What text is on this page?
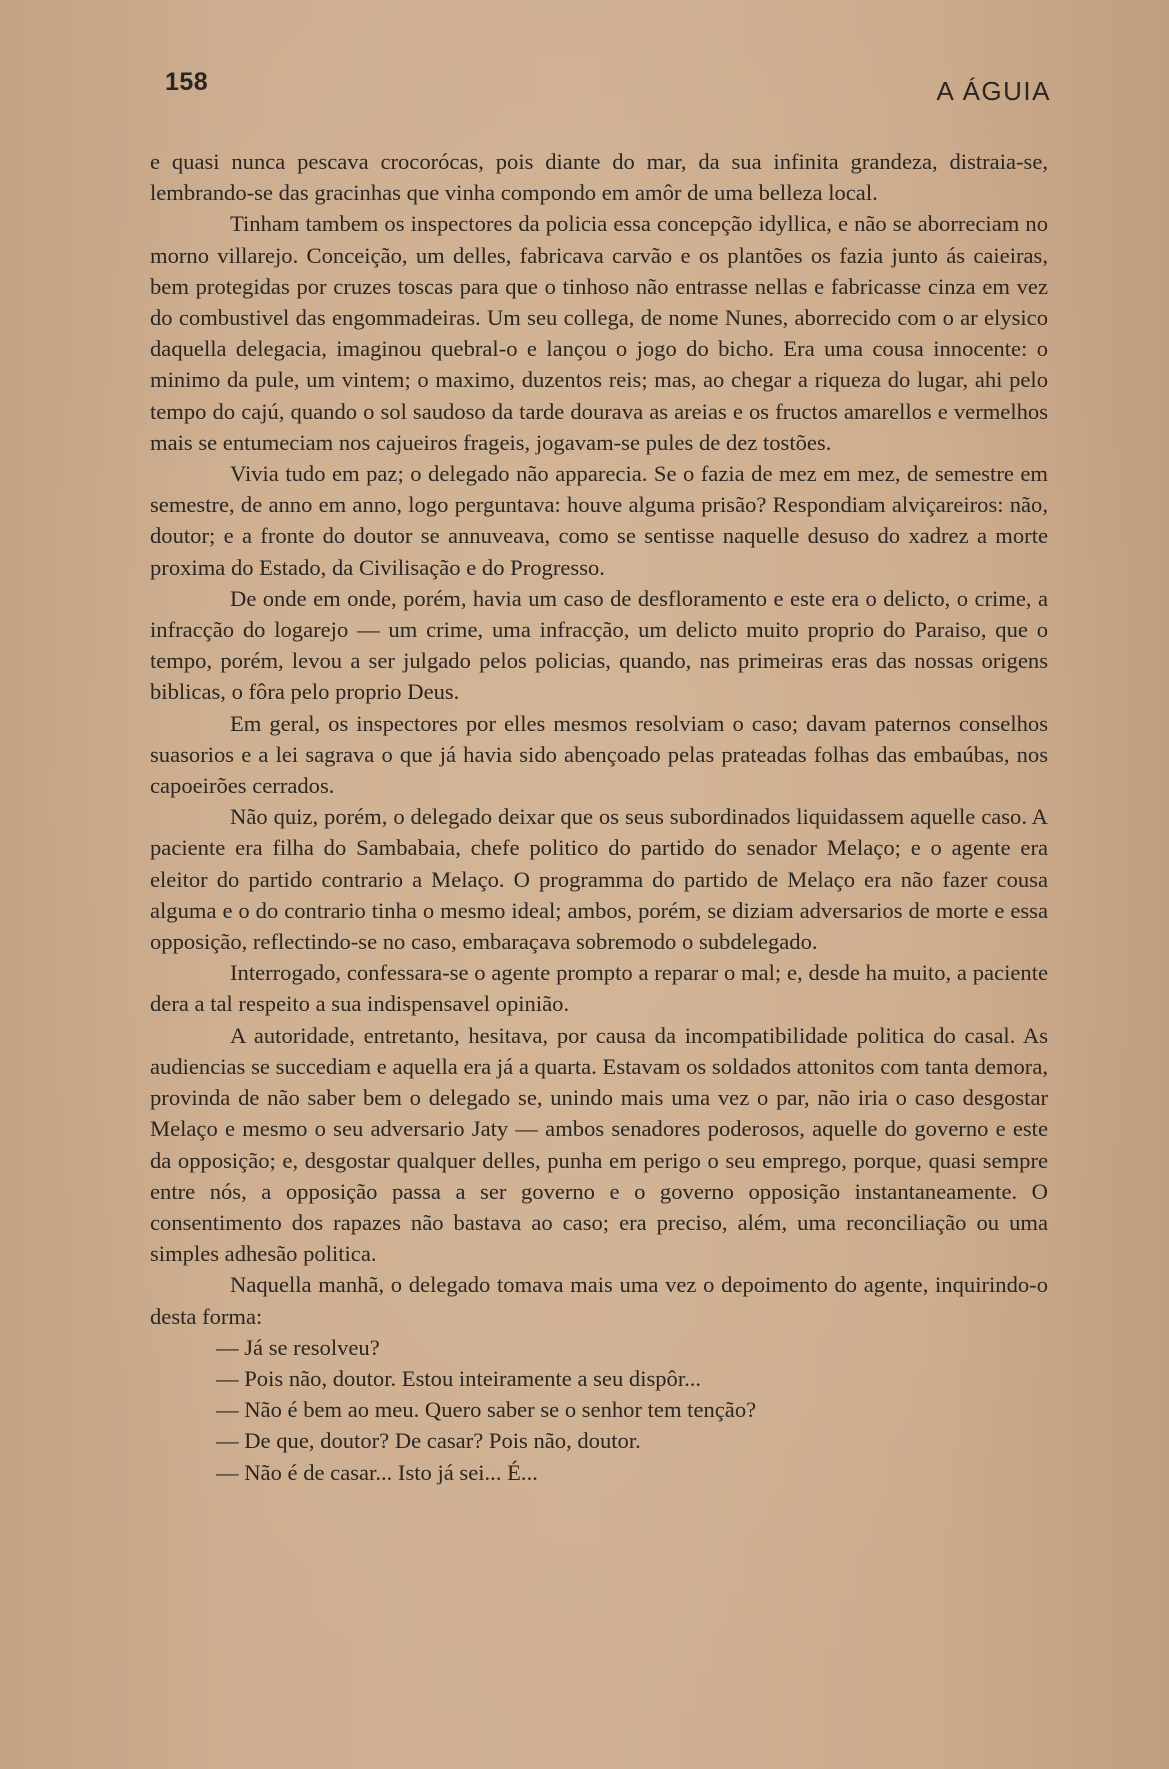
158	A ÁGUIA

e quasi nunca pescava crocorócas, pois diante do mar, da sua infinita grandeza, distraia-se, lembrando-se das gracinhas que vinha compondo em amôr de uma belleza local.

Tinham tambem os inspectores da policia essa concepção idyllica, e não se aborreciam no morno villarejo. Conceição, um delles, fabricava carvão e os plantões os fazia junto ás caieiras, bem protegidas por cruzes toscas para que o tinhoso não entrasse nellas e fabricasse cinza em vez do combustivel das engommadeiras. Um seu collega, de nome Nunes, aborrecido com o ar elysico daquella delegacia, imaginou quebral-o e lançou o jogo do bicho. Era uma cousa innocente: o minimo da pule, um vintem; o maximo, duzentos reis; mas, ao chegar a riqueza do lugar, ahi pelo tempo do cajú, quando o sol saudoso da tarde dourava as areias e os fructos amarellos e vermelhos mais se entumeciam nos cajueiros frageis, jogavam-se pules de dez tostões.

Vivia tudo em paz; o delegado não apparecia. Se o fazia de mez em mez, de semestre em semestre, de anno em anno, logo perguntava: houve alguma prisão? Respondiam alviçareiros: não, doutor; e a fronte do doutor se annuveava, como se sentisse naquelle desuso do xadrez a morte proxima do Estado, da Civilisação e do Progresso.

De onde em onde, porém, havia um caso de desfloramento e este era o delicto, o crime, a infracção do logarejo — um crime, uma infracção, um delicto muito proprio do Paraiso, que o tempo, porém, levou a ser julgado pelos policias, quando, nas primeiras eras das nossas origens biblicas, o fôra pelo proprio Deus.

Em geral, os inspectores por elles mesmos resolviam o caso; davam paternos conselhos suasorios e a lei sagrava o que já havia sido abençoado pelas prateadas folhas das embaúbas, nos capoeirões cerrados.

Não quiz, porém, o delegado deixar que os seus subordinados liquidassem aquelle caso. A paciente era filha do Sambabaia, chefe politico do partido do senador Melaço; e o agente era eleitor do partido contrario a Melaço. O programma do partido de Melaço era não fazer cousa alguma e o do contrario tinha o mesmo ideal; ambos, porém, se diziam adversarios de morte e essa opposição, reflectindo-se no caso, embaraçava sobremodo o subdelegado.

Interrogado, confessara-se o agente prompto a reparar o mal; e, desde ha muito, a paciente dera a tal respeito a sua indispensavel opinião.

A autoridade, entretanto, hesitava, por causa da incompatibilidade politica do casal. As audiencias se succediam e aquella era já a quarta. Estavam os soldados attonitos com tanta demora, provinda de não saber bem o delegado se, unindo mais uma vez o par, não iria o caso desgostar Melaço e mesmo o seu adversario Jaty — ambos senadores poderosos, aquelle do governo e este da opposição; e, desgostar qualquer delles, punha em perigo o seu emprego, porque, quasi sempre entre nós, a opposição passa a ser governo e o governo opposição instantaneamente. O consentimento dos rapazes não bastava ao caso; era preciso, além, uma reconciliação ou uma simples adhesão politica.

Naquella manhã, o delegado tomava mais uma vez o depoimento do agente, inquirindo-o desta forma:

— Já se resolveu?

— Pois não, doutor. Estou inteiramente a seu dispôr...

— Não é bem ao meu. Quero saber se o senhor tem tenção?

— De que, doutor? De casar? Pois não, doutor.

— Não é de casar... Isto já sei... É...
